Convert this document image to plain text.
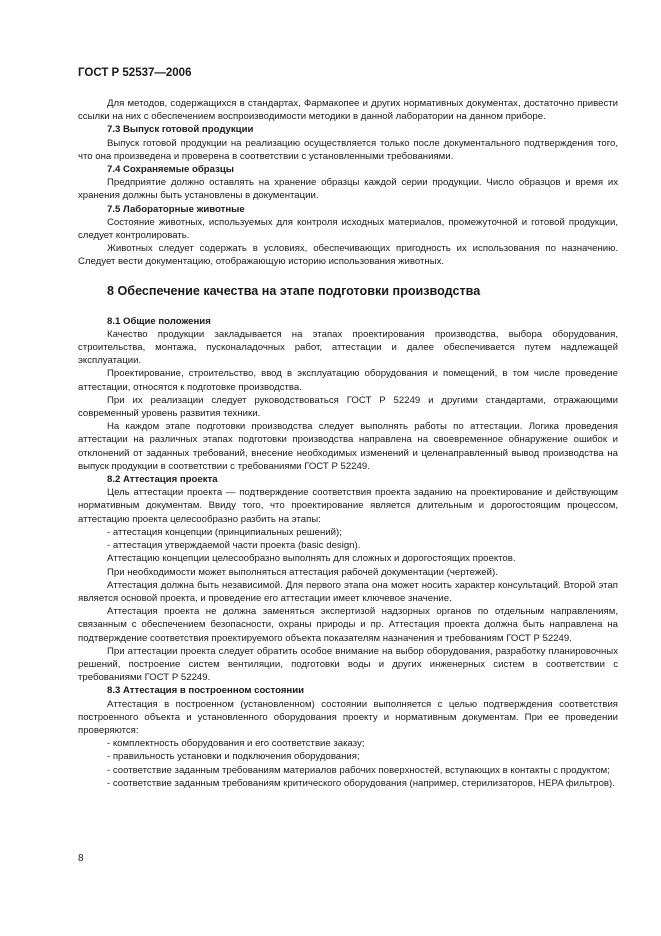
ГОСТ Р 52537—2006
Для методов, содержащихся в стандартах, Фармакопее и других нормативных документах, достаточно привести ссылки на них с обеспечением воспроизводимости методики в данной лаборатории на данном приборе.
7.3 Выпуск готовой продукции
Выпуск готовой продукции на реализацию осуществляется только после документального подтверждения того, что она произведена и проверена в соответствии с установленными требованиями.
7.4 Сохраняемые образцы
Предприятие должно оставлять на хранение образцы каждой серии продукции. Число образцов и время их хранения должны быть установлены в документации.
7.5 Лабораторные животные
Состояние животных, используемых для контроля исходных материалов, промежуточной и готовой продукции, следует контролировать.
Животных следует содержать в условиях, обеспечивающих пригодность их использования по назначению. Следует вести документацию, отображающую историю использования животных.
8 Обеспечение качества на этапе подготовки производства
8.1 Общие положения
Качество продукции закладывается на этапах проектирования производства, выбора оборудования, строительства, монтажа, пусконаладочных работ, аттестации и далее обеспечивается путем надлежащей эксплуатации.
Проектирование, строительство, ввод в эксплуатацию оборудования и помещений, в том числе проведение аттестации, относятся к подготовке производства.
При их реализации следует руководствоваться ГОСТ Р 52249 и другими стандартами, отражающими современный уровень развития техники.
На каждом этапе подготовки производства следует выполнять работы по аттестации. Логика проведения аттестации на различных этапах подготовки производства направлена на своевременное обнаружение ошибок и отклонений от заданных требований, внесение необходимых изменений и целенаправленный вывод производства на выпуск продукции в соответствии с требованиями ГОСТ Р 52249.
8.2 Аттестация проекта
Цель аттестации проекта — подтверждение соответствия проекта заданию на проектирование и действующим нормативным документам. Ввиду того, что проектирование является длительным и дорогостоящим процессом, аттестацию проекта целесообразно разбить на этапы:
- аттестация концепции (принципиальных решений);
- аттестация утверждаемой части проекта (basic design).
Аттестацию концепции целесообразно выполнять для сложных и дорогостоящих проектов.
При необходимости может выполняться аттестация рабочей документации (чертежей).
Аттестация должна быть независимой. Для первого этапа она может носить характер консультаций. Второй этап является основой проекта, и проведение его аттестации имеет ключевое значение.
Аттестация проекта не должна заменяться экспертизой надзорных органов по отдельным направлениям, связанным с обеспечением безопасности, охраны природы и пр. Аттестация проекта должна быть направлена на подтверждение соответствия проектируемого объекта показателям назначения и требованиям ГОСТ Р 52249.
При аттестации проекта следует обратить особое внимание на выбор оборудования, разработку планировочных решений, построение систем вентиляции, подготовки воды и других инженерных систем в соответствии с требованиями ГОСТ Р 52249.
8.3 Аттестация в построенном состоянии
Аттестация в построенном (установленном) состоянии выполняется с целью подтверждения соответствия построенного объекта и установленного оборудования проекту и нормативным документам. При ее проведении проверяются:
- комплектность оборудования и его соответствие заказу;
- правильность установки и подключения оборудования;
- соответствие заданным требованиям материалов рабочих поверхностей, вступающих в контакты с продуктом;
- соответствие заданным требованиям критического оборудования (например, стерилизаторов, HEPA фильтров).
8
